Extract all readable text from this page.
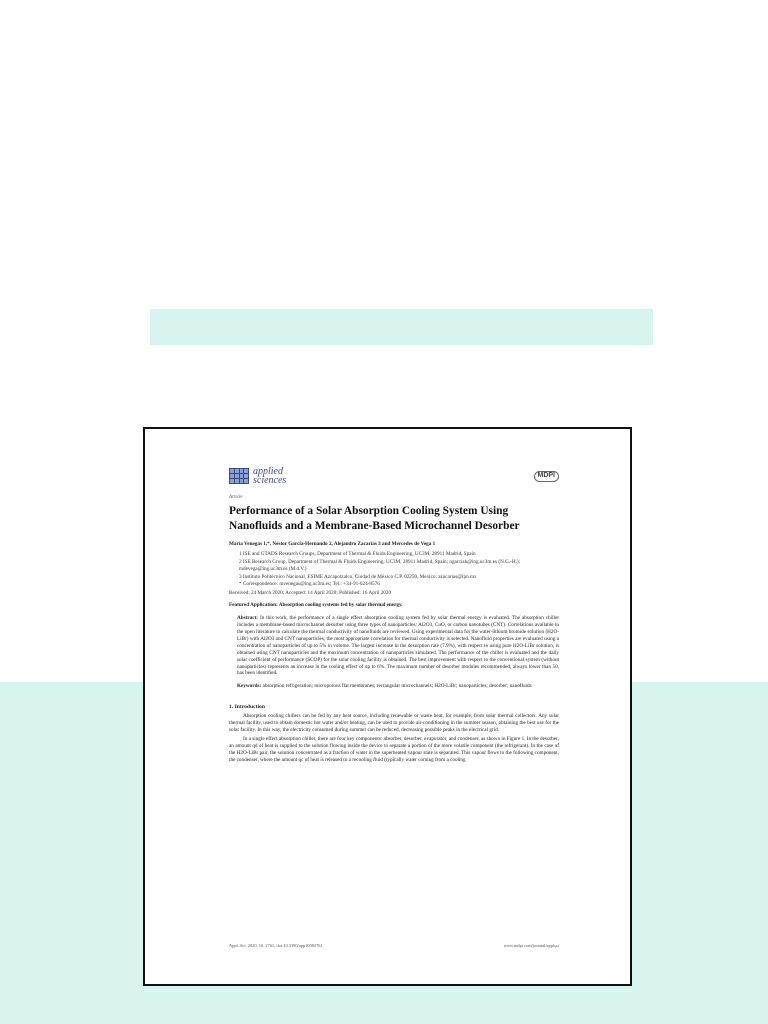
applied
sciences	MDPI
Article
Performance of a Solar Absorption Cooling System Using Nanofluids and a Membrane-Based Microchannel Desorber
María Venegas 1,*, Néstor García-Hernando 2, Alejandro Zacarías 3 and Mercedes de Vega 1
1 ISE and GTADS Research Groups, Department of Thermal & Fluids Engineering, UC3M, 28911 Madrid, Spain
2 ISE Research Group, Department of Thermal & Fluids Engineering, UC3M, 28911 Madrid, Spain; ngarciah@ing.uc3m.es (N.G.-H.); mdevega@ing.uc3m.es (M.d.V.)
3 Instituto Politécnico Nacional, ESIME Azcapotzalco, Ciudad de México C.P. 02250, Mexico; azacarias@ipn.mx
* Correspondence: mvenegas@ing.uc3m.es; Tel.: +34-91-624-8576
Received: 24 March 2020; Accepted: 14 April 2020; Published: 16 April 2020
Featured Application: Absorption cooling systems fed by solar thermal energy.
Abstract: In this work, the performance of a single effect absorption cooling system fed by solar thermal energy is evaluated. The absorption chiller includes a membrane-based microchannel desorber using three types of nanoparticles: Al2O3, CuO, or carbon nanotubes (CNT). Correlations available in the open literature to calculate the thermal conductivity of nanofluids are reviewed. Using experimental data for the water-lithium bromide solution (H2O-LiBr) with Al2O3 and CNT nanoparticles, the most appropriate correlation for thermal conductivity is selected. Nanofluid properties are evaluated using a concentration of nanoparticles of up to 5% in volume. The largest increase in the desorption rate (7.9%), with respect to using pure H2O-LiBr solution, is obtained using CNT nanoparticles and the maximum concentration of nanoparticles simulated. The performance of the chiller is evaluated and the daily solar coefficient of performance (SCOP) for the solar cooling facility is obtained. The best improvement with respect to the conventional system (without nanoparticles) represents an increase in the cooling effect of up to 6%. The maximum number of desorber modules recommended, always lower than 50, has been identified.
Keywords: absorption refrigeration; microporous flat membranes; rectangular microchannels; H2O-LiBr; nanoparticles; desorber; nanofluids
1. Introduction
Absorption cooling chillers can be fed by any heat source, including renewable or waste heat, for example, from solar thermal collectors. Any solar thermal facility, used to obtain domestic hot water and/or heating, can be used to provide air-conditioning in the summer season, obtaining the best use for the solar facility. In this way, the electricity consumed during summer can be reduced, decreasing possible peaks in the electrical grid.
In a single effect absorption chiller, there are four key components: absorber, desorber, evaporator, and condenser, as shown in Figure 1. In the desorber, an amount qd of heat is supplied to the solution flowing inside the device to separate a portion of the more volatile component (the refrigerant). In the case of the H2O-LiBr pair, the solution concentrated as a fraction of water in the superheated vapour state is separated. This vapour flows to the following component, the condenser, where the amount qc of heat is released to a recooling fluid (typically water coming from a cooling
Appl. Sci. 2020, 10, 2761; doi:10.3390/app10082761	www.mdpi.com/journal/applsci
